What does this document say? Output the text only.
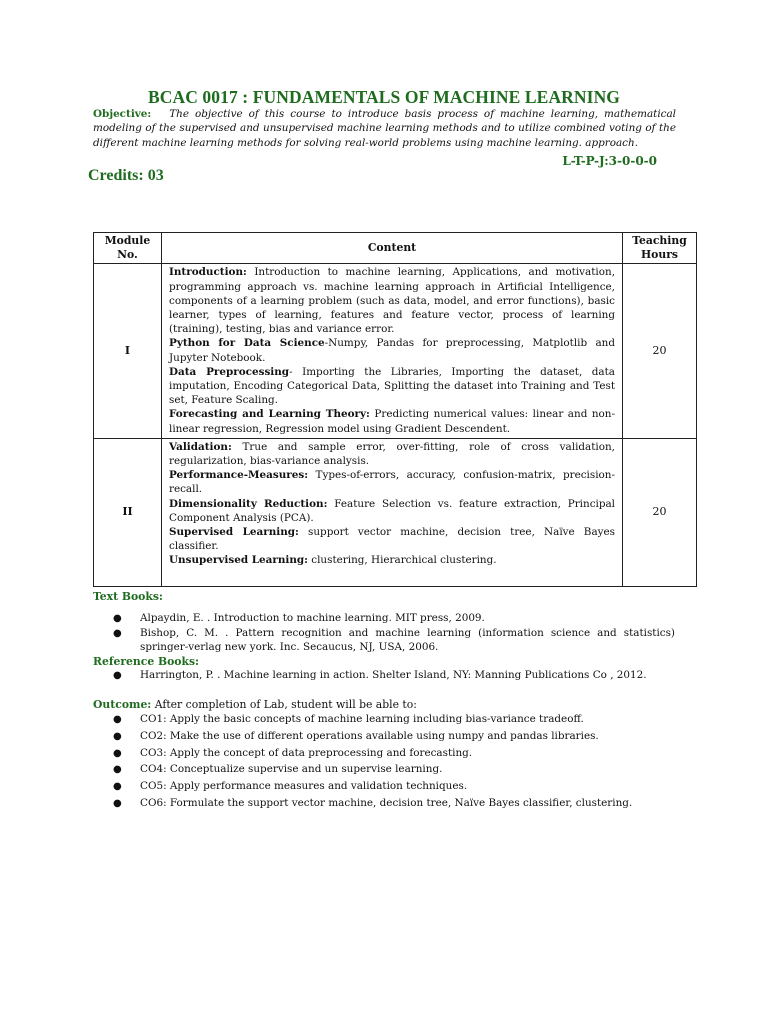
BCAC 0017 : FUNDAMENTALS OF MACHINE LEARNING
Objective: The objective of this course to introduce basis process of machine learning, mathematical modeling of the supervised and unsupervised machine learning methods and to utilize combined voting of the different machine learning methods for solving real-world problems using machine learning. approach.
L-T-P-J:3-0-0-0
Credits: 03
Module No.	Content	Teaching Hours
I	Introduction: Introduction to machine learning, Applications, and motivation, programming approach vs. machine learning approach in Artificial Intelligence, components of a learning problem (such as data, model, and error functions), basic learner, types of learning, features and feature vector, process of learning (training), testing, bias and variance error.
Python for Data Science-Numpy, Pandas for preprocessing, Matplotlib and Jupyter Notebook.
Data Preprocessing- Importing the Libraries, Importing the dataset, data imputation, Encoding Categorical Data, Splitting the dataset into Training and Test set, Feature Scaling.
Forecasting and Learning Theory: Predicting numerical values: linear and non-linear regression, Regression model using Gradient Descendent.	20
II	Validation: True and sample error, over-fitting, role of cross validation, regularization, bias-variance analysis.
Performance-Measures: Types-of-errors, accuracy, confusion-matrix, precision-recall.
Dimensionality Reduction: Feature Selection vs. feature extraction, Principal Component Analysis (PCA).
Supervised Learning: support vector machine, decision tree, Naïve Bayes classifier.
Unsupervised Learning: clustering, Hierarchical clustering.	20
Text Books:
● Alpaydin, E. . Introduction to machine learning. MIT press, 2009.
● Bishop, C. M. . Pattern recognition and machine learning (information science and statistics) springer-verlag new york. Inc. Secaucus, NJ, USA, 2006.
Reference Books:
● Harrington, P. . Machine learning in action. Shelter Island, NY: Manning Publications Co , 2012.
Outcome: After completion of Lab, student will be able to:
● CO1: Apply the basic concepts of machine learning including bias-variance tradeoff.
● CO2: Make the use of different operations available using numpy and pandas libraries.
● CO3: Apply the concept of data preprocessing and forecasting.
● CO4: Conceptualize supervise and un supervise learning.
● CO5: Apply performance measures and validation techniques.
● CO6: Formulate the support vector machine, decision tree, Naïve Bayes classifier, clustering.
